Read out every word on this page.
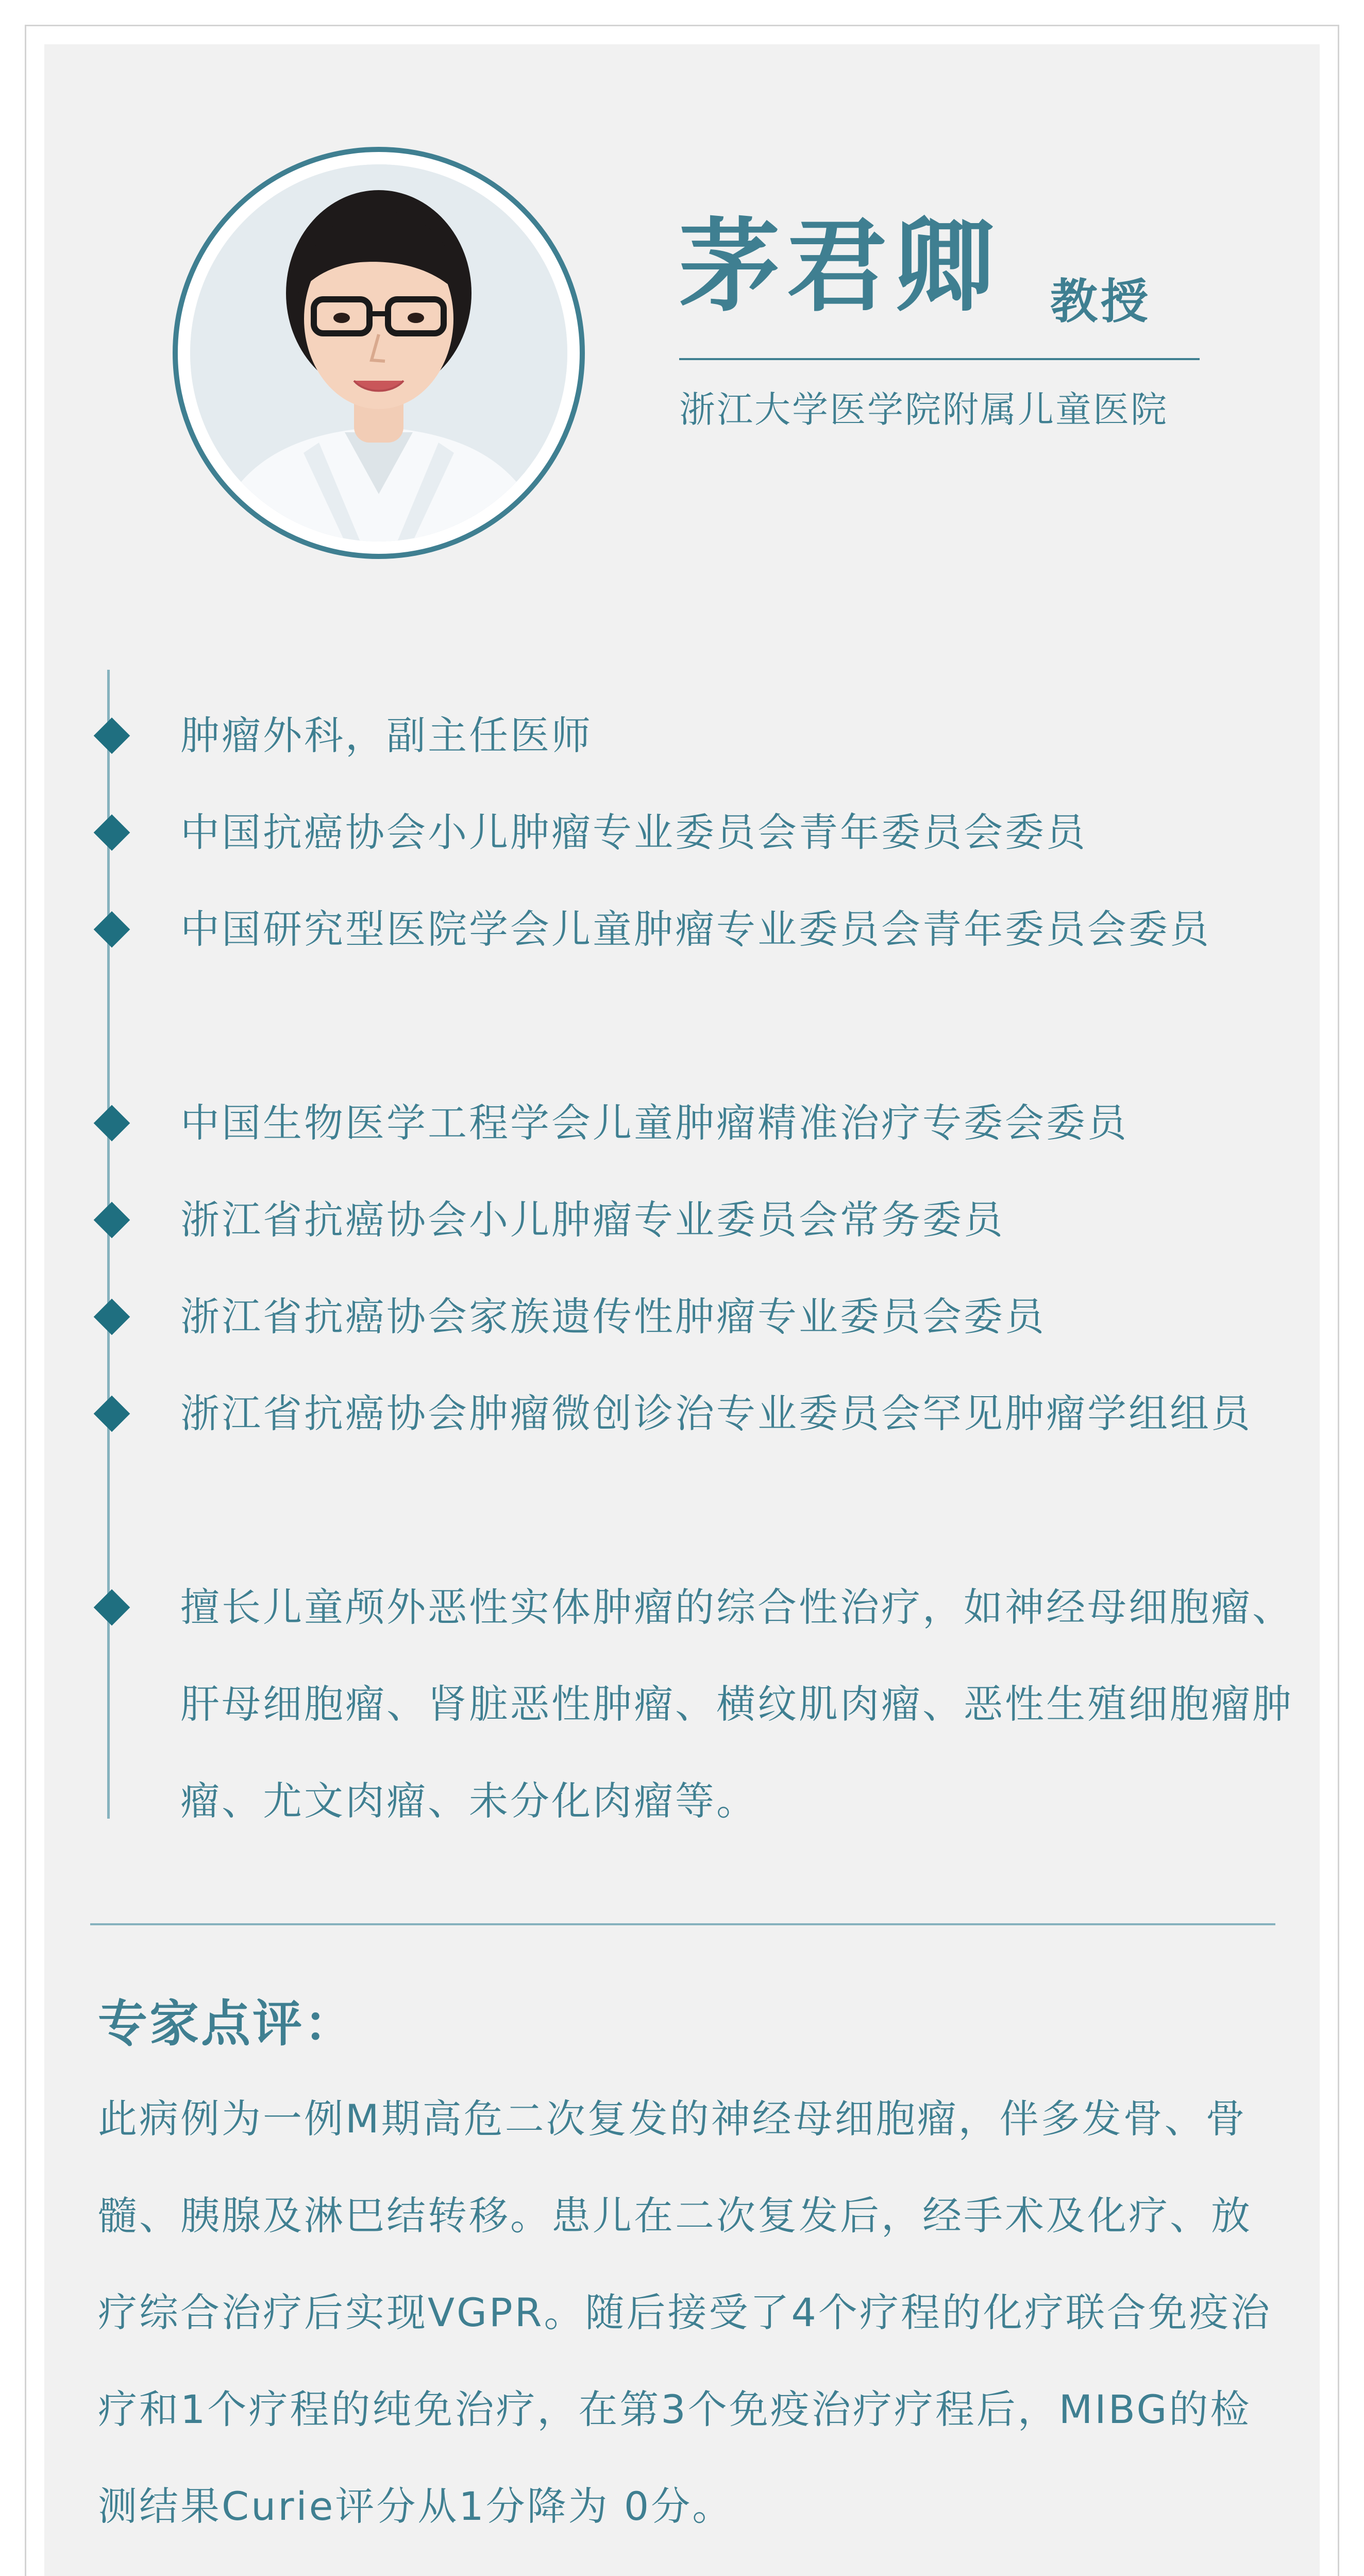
茅君卿 教授
浙江大学医学院附属儿童医院
肿瘤外科，副主任医师
中国抗癌协会小儿肿瘤专业委员会青年委员会委员
中国研究型医院学会儿童肿瘤专业委员会青年委员会委员
中国生物医学工程学会儿童肿瘤精准治疗专委会委员
浙江省抗癌协会小儿肿瘤专业委员会常务委员
浙江省抗癌协会家族遗传性肿瘤专业委员会委员
浙江省抗癌协会肿瘤微创诊治专业委员会罕见肿瘤学组组员
擅长儿童颅外恶性实体肿瘤的综合性治疗，如神经母细胞瘤、肝母细胞瘤、肾脏恶性肿瘤、横纹肌肉瘤、恶性生殖细胞瘤肿瘤、尤文肉瘤、未分化肉瘤等。
专家点评：

此病例为一例M期高危二次复发的神经母细胞瘤，伴多发骨、骨髓、胰腺及淋巴结转移。患儿在二次复发后，经手术及化疗、放疗综合治疗后实现VGPR。随后接受了4个疗程的化疗联合免疫治疗和1个疗程的纯免治疗，在第3个免疫治疗疗程后，MIBG的检测结果Curie评分从1分降为 0分。
